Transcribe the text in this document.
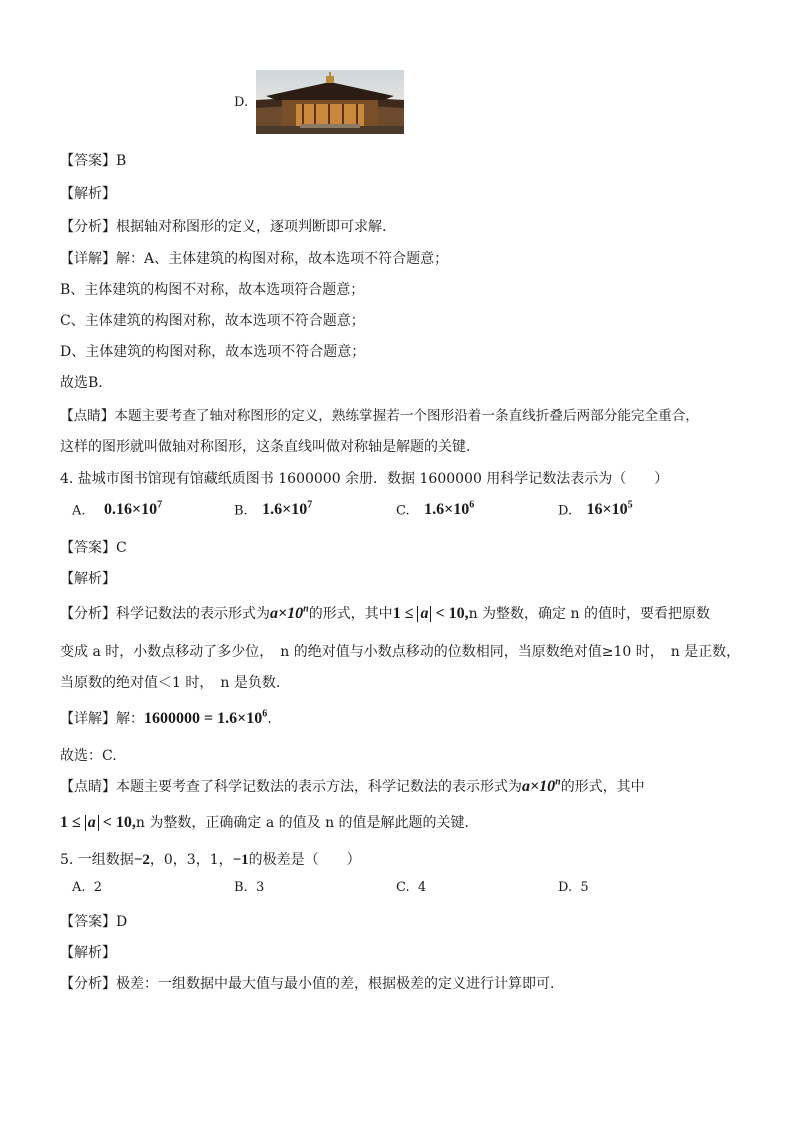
D.
【答案】B
【解析】
【分析】根据轴对称图形的定义，逐项判断即可求解.
【详解】解：A、主体建筑的构图对称，故本选项不符合题意；
B、主体建筑的构图不对称，故本选项符合题意；
C、主体建筑的构图对称，故本选项不符合题意；
D、主体建筑的构图对称，故本选项不符合题意；
故选B.
【点睛】本题主要考查了轴对称图形的定义，熟练掌握若一个图形沿着一条直线折叠后两部分能完全重合，
这样的图形就叫做轴对称图形，这条直线叫做对称轴是解题的关键.
4. 盐城市图书馆现有馆藏纸质图书 1600000 余册．数据 1600000 用科学记数法表示为（　　）
A. $0.16\times 10^7$	B. $1.6\times 10^7$	C. $1.6\times 10^6$	D. $16\times 10^5$
【答案】C
【解析】
【分析】科学记数法的表示形式为$a\times 10^n$的形式，其中1 ≤ a < 10,n 为整数，确定 n 的值时，要看把原数
变成 a 时，小数点移动了多少位，　n 的绝对值与小数点移动的位数相同，当原数绝对值≥10 时，　n 是正数，
当原数的绝对值＜1 时，　n 是负数.
【详解】解：$1600000 = 1.6\times 10^6$.
故选：C.
【点睛】本题主要考查了科学记数法的表示方法，科学记数法的表示形式为$a\times 10^n$的形式，其中
1 ≤ a < 10,n 为整数，正确确定 a 的值及 n 的值是解此题的关键.
5. 一组数据−2，0，3，1，−1的极差是（　　）
A. 2	B. 3	C. 4	D. 5
【答案】D
【解析】
【分析】极差：一组数据中最大值与最小值的差，根据极差的定义进行计算即可.
